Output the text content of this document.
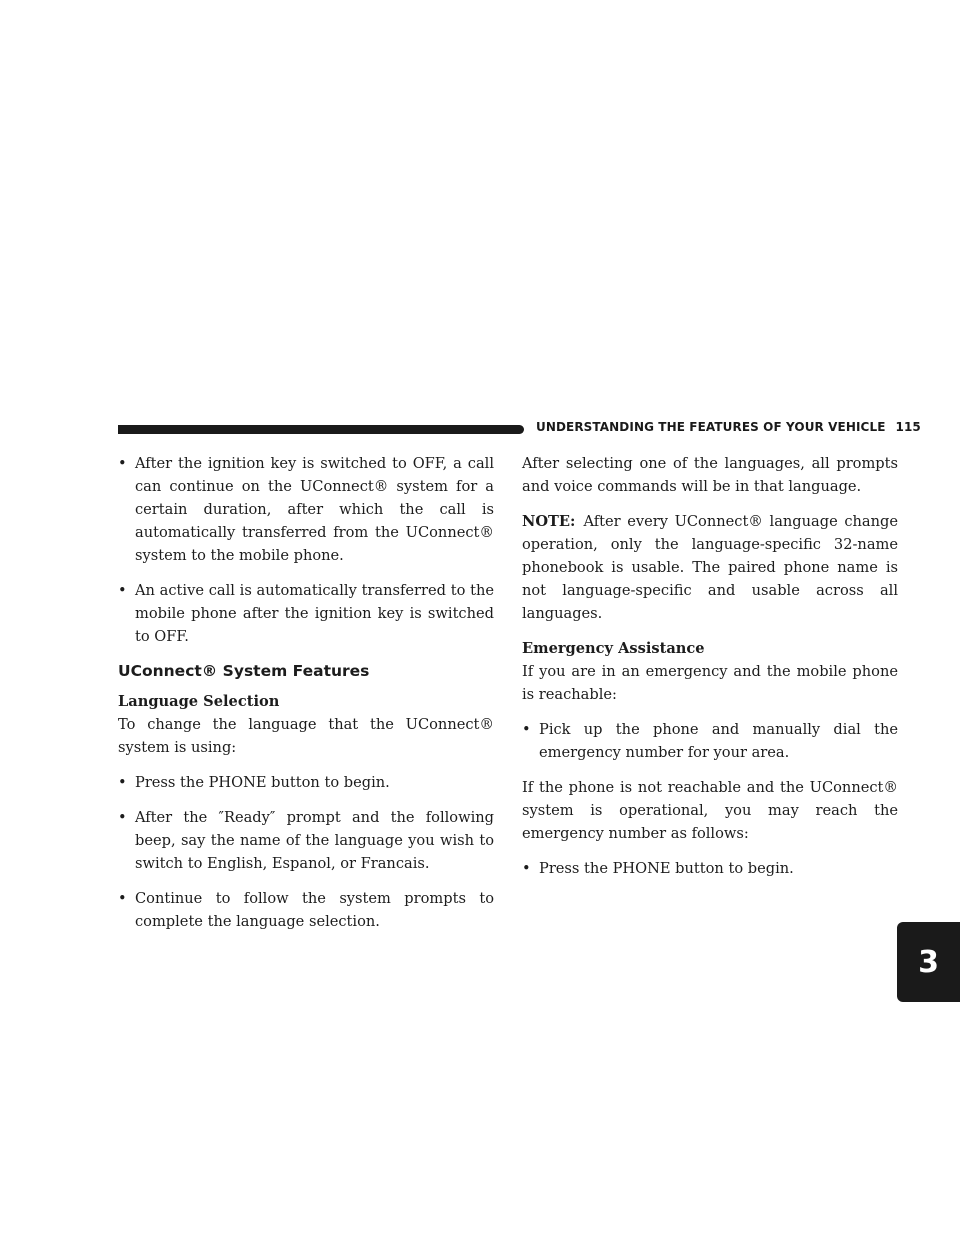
UNDERSTANDING THE FEATURES OF YOUR VEHICLE 115
3
• After the ignition key is switched to OFF, a call can continue on the UConnect® system for a certain duration, after which the call is automatically transferred from the UConnect® system to the mobile phone.
• An active call is automatically transferred to the mobile phone after the ignition key is switched to OFF.
UConnect® System Features
Language Selection

To change the language that the UConnect® system is using:

• Press the PHONE button to begin.
• After the ″Ready″ prompt and the following beep, say the name of the language you wish to switch to English, Espanol, or Francais.
• Continue to follow the system prompts to complete the language selection.

After selecting one of the languages, all prompts and voice commands will be in that language.

NOTE: After every UConnect® language change operation, only the language-specific 32-name phonebook is usable. The paired phone name is not language-specific and usable across all languages.

Emergency Assistance

If you are in an emergency and the mobile phone is reachable:

• Pick up the phone and manually dial the emergency number for your area.

If the phone is not reachable and the UConnect® system is operational, you may reach the emergency number as follows:

• Press the PHONE button to begin.
